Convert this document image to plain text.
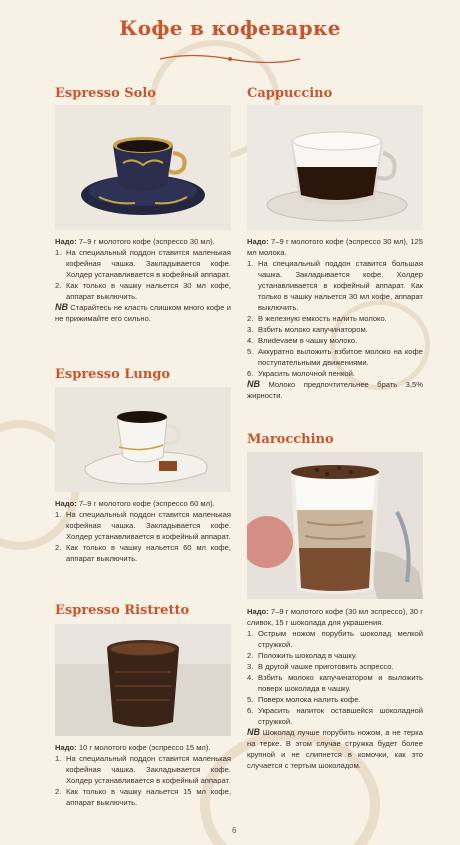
Кофе в кофеварке
Espresso Solo

Надо: 7–9 г молотого кофе (эспрессо 30 мл).

1. На специальный поддон ставится маленькая кофейная чашка. Закладывается кофе. Холдер устанавливается в кофейный аппарат.
2. Как только в чашку нальется 30 мл кофе, аппарат выключить.

NB Старайтесь не класть слишком много кофе и не прижимайте его сильно.

Espresso Lungo

Надо: 7–9 г молотого кофе (эспрессо 60 мл).

1. На специальный поддон ставится маленькая кофейная чашка. Закладывается кофе. Холдер устанавливается в кофейный аппарат.
2. Как только в чашку нальется 60 мл кофе, аппарат выключить.
Espresso Ristretto

Надо: 10 г молотого кофе (эспрессо 15 мл).

1. На специальный поддон ставится маленькая кофейная чашка. Закладывается кофе. Холдер устанавливается в кофейный аппарат.
2. Как только в чашку нальется 15 мл кофе, аппарат выключить.
Cappuccino

Надо: 7–9 г молотого кофе (эспрессо 30 мл), 125 мл молока.

1. На специальный поддон ставится большая чашка. Закладывается кофе. Холдер устанавливается в кофейный аппарат. Как только в чашку нальется 30 мл кофе, аппарат выключить.
2. В железную емкость налить молоко.
3. Взбить молоко капучинатором.
4. Влиdevaем в чашку молоко.
5. Аккуратно выложить взбитое молоко на кофе поступательными движениями.
6. Украсить молочной пенкой.

NB Молоко предпочтительнее брать 3,5% жирности.

Marocchino

Надо: 7–9 г молотого кофе (30 мл эспрессо), 30 г сливок, 15 г шоколада для украшения.

1. Острым ножом порубить шоколад мелкой стружкой.
2. Положить шоколад в чашку.
3. В другой чашке приготовить эспрессо.
4. Взбить молоко капучинатором и выложить поверх шоколада в чашку.
5. Поверх молока налить кофе.
6. Украсить напиток оставшейся шоколадной стружкой.

NB Шоколад лучше порубить ножом, а не терка на терке. В этом случае стружка будет более крупной и не слипнется в комочки, как это случается с тертым шоколадом.

6
